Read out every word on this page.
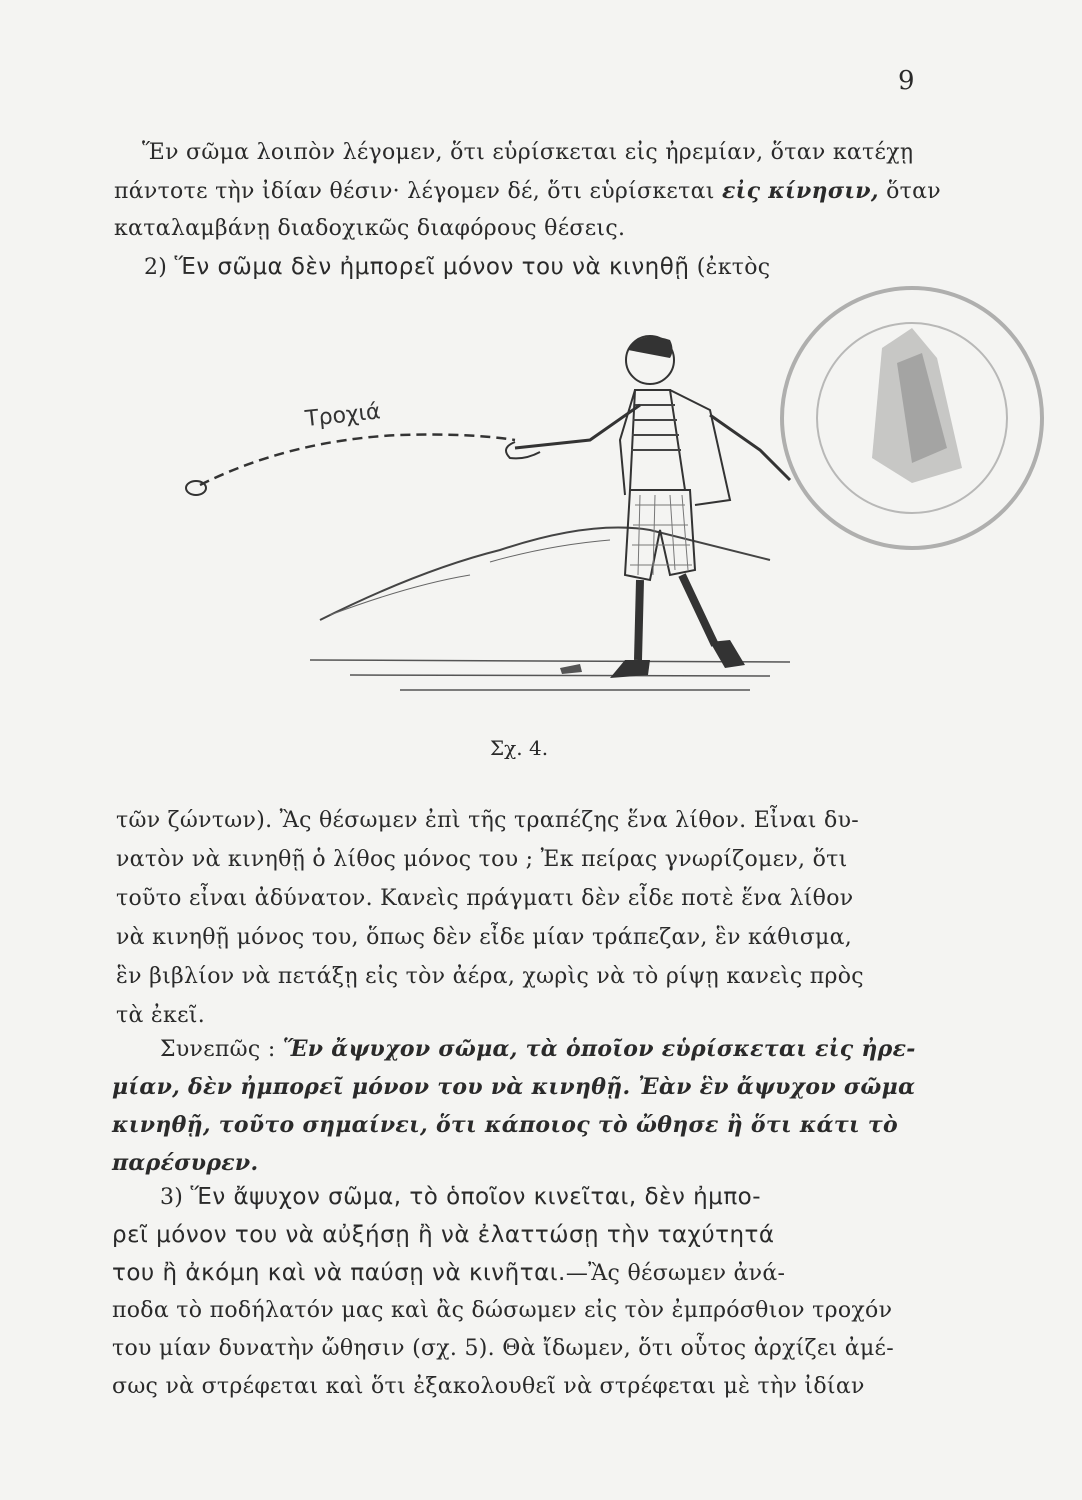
9
Ἕν σῶμα λοιπὸν λέγομεν, ὅτι εὑρίσκεται εἰς ἠρεμίαν, ὅταν κατέχῃ
πάντοτε τὴν ἰδίαν θέσιν· λέγομεν δέ, ὅτι εὑρίσκεται εἰς κίνησιν, ὅταν
καταλαμβάνῃ διαδοχικῶς διαφόρους θέσεις.
2) Ἕν σῶμα δὲν ἠμπορεῖ μόνον του νὰ κινηθῇ (ἐκτὸς
Τροχιά
Σχ. 4.
τῶν ζώντων). Ἂς θέσωμεν ἐπὶ τῆς τραπέζης ἕνα λίθον. Εἶναι δυ-
νατὸν νὰ κινηθῇ ὁ λίθος μόνος του ; Ἐκ πείρας γνωρίζομεν, ὅτι
τοῦτο εἶναι ἀδύνατον. Κανεὶς πράγματι δὲν εἶδε ποτὲ ἕνα λίθον
νὰ κινηθῇ μόνος του, ὅπως δὲν εἶδε μίαν τράπεζαν, ἓν κάθισμα,
ἓν βιβλίον νὰ πετάξῃ εἰς τὸν ἀέρα, χωρὶς νὰ τὸ ρίψῃ κανεὶς πρὸς
τὰ ἐκεῖ.
Συνεπῶς : Ἕν ἄψυχον σῶμα, τὰ ὁποῖον εὑρίσκεται εἰς ἠρε-
μίαν, δὲν ἠμπορεῖ μόνον του νὰ κινηθῇ. Ἐὰν ἓν ἄψυχον σῶμα
κινηθῇ, τοῦτο σημαίνει, ὅτι κάποιος τὸ ὤθησε ἢ ὅτι κάτι τὸ
παρέσυρεν.
3) Ἕν ἄψυχον σῶμα, τὸ ὁποῖον κινεῖται, δὲν ἠμπο-
ρεῖ μόνον του νὰ αὐξήσῃ ἢ νὰ ἐλαττώσῃ τὴν ταχύτητά
του ἢ ἀκόμη καὶ νὰ παύσῃ νὰ κινῆται.—Ἂς θέσωμεν ἀνά-
ποδα τὸ ποδήλατόν μας καὶ ἂς δώσωμεν εἰς τὸν ἐμπρόσθιον τροχόν
του μίαν δυνατὴν ὤθησιν (σχ. 5). Θὰ ἴδωμεν, ὅτι οὗτος ἀρχίζει ἀμέ-
σως νὰ στρέφεται καὶ ὅτι ἐξακολουθεῖ νὰ στρέφεται μὲ τὴν ἰδίαν
